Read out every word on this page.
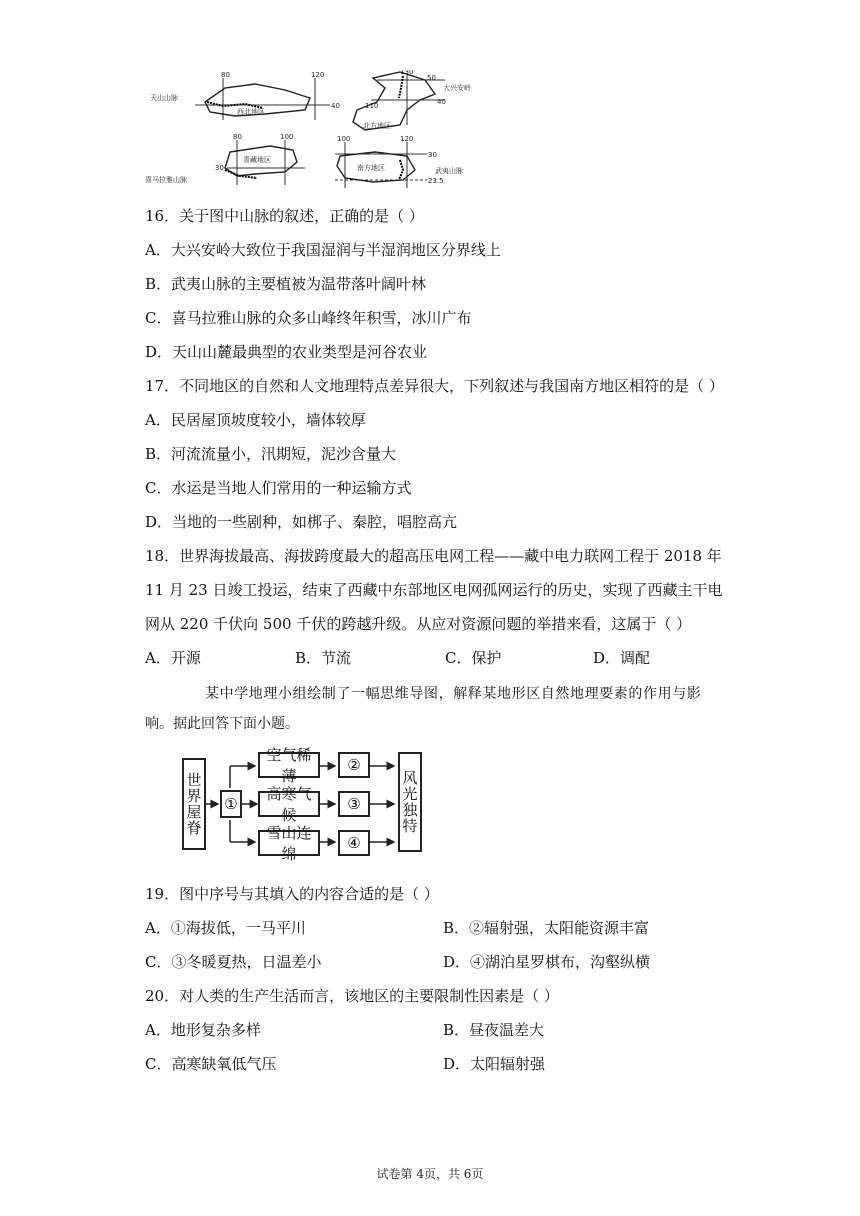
80	120
40
天山山脉
西北地区
130
50
40
110
大兴安岭
北方地区
80	100
30
喜马拉雅山脉
青藏地区
100	120
30
23.5
武夷山脉
南方地区
16．关于图中山脉的叙述，正确的是（ ）
A．大兴安岭大致位于我国湿润与半湿润地区分界线上
B．武夷山脉的主要植被为温带落叶阔叶林
C．喜马拉雅山脉的众多山峰终年积雪，冰川广布
D．天山山麓最典型的农业类型是河谷农业
17．不同地区的自然和人文地理特点差异很大，下列叙述与我国南方地区相符的是（ ）
A．民居屋顶坡度较小，墙体较厚
B．河流流量小，汛期短，泥沙含量大
C．水运是当地人们常用的一种运输方式
D．当地的一些剧种，如梆子、秦腔，唱腔高亢
18．世界海拔最高、海拔跨度最大的超高压电网工程——藏中电力联网工程于 2018 年
11 月 23 日竣工投运，结束了西藏中东部地区电网孤网运行的历史，实现了西藏主干电
网从 220 千伏向 500 千伏的跨越升级。从应对资源问题的举措来看，这属于（ ）
A．开源	B．节流	C．保护	D．调配
某中学地理小组绘制了一幅思维导图，解释某地形区自然地理要素的作用与影
响。据此回答下面小题。
世界屋脊 ①
空气稀薄
高寒气候
雪山连绵
②
③
④
风光独特
19．图中序号与其填入的内容合适的是（ ）
A．①海拔低，一马平川	B．②辐射强，太阳能资源丰富
C．③冬暖夏热，日温差小	D．④湖泊星罗棋布，沟壑纵横
20．对人类的生产生活而言，该地区的主要限制性因素是（ ）
A．地形复杂多样	B．昼夜温差大
C．高寒缺氧低气压	D．太阳辐射强
试卷第 4页，共 6页
